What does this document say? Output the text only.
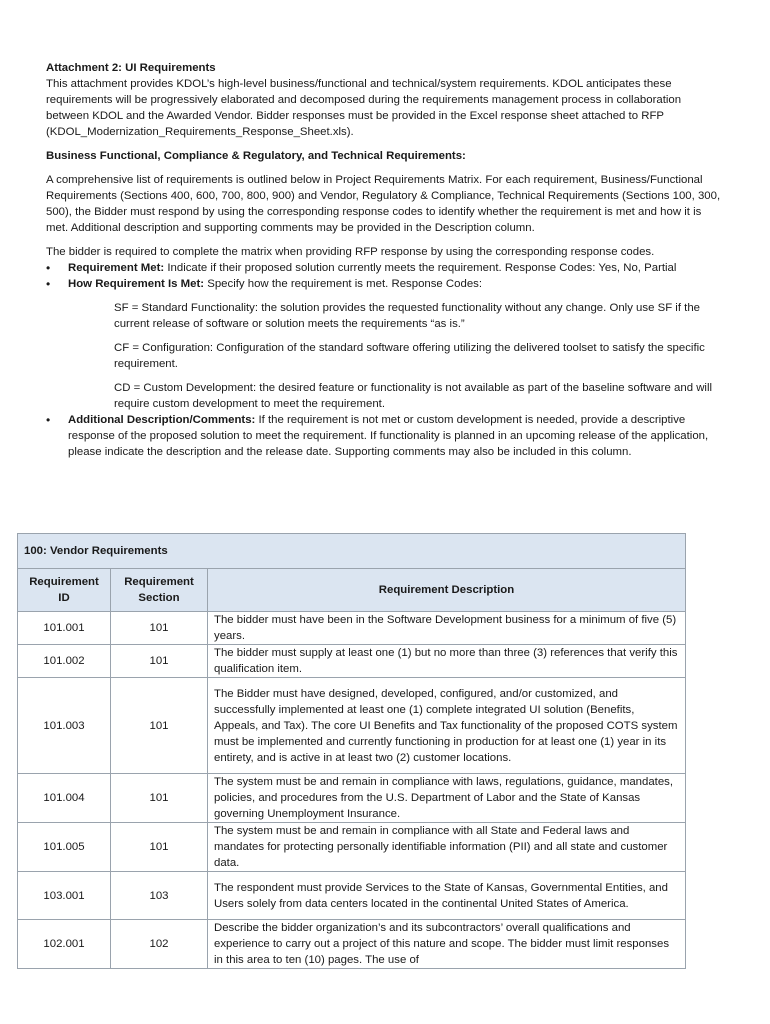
Attachment 2: UI Requirements

This attachment provides KDOL’s high-level business/functional and technical/system requirements. KDOL anticipates these requirements will be progressively elaborated and decomposed during the requirements management process in collaboration between KDOL and the Awarded Vendor. Bidder responses must be provided in the Excel response sheet attached to RFP (KDOL_Modernization_Requirements_Response_Sheet.xls).

Business Functional, Compliance & Regulatory, and Technical Requirements:

A comprehensive list of requirements is outlined below in Project Requirements Matrix. For each requirement, Business/Functional Requirements (Sections 400, 600, 700, 800, 900) and Vendor, Regulatory & Compliance, Technical Requirements (Sections 100, 300, 500), the Bidder must respond by using the corresponding response codes to identify whether the requirement is met and how it is met. Additional description and supporting comments may be provided in the Description column.

The bidder is required to complete the matrix when providing RFP response by using the corresponding response codes.

• Requirement Met: Indicate if their proposed solution currently meets the requirement. Response Codes: Yes, No, Partial
• How Requirement Is Met: Specify how the requirement is met. Response Codes:

SF = Standard Functionality: the solution provides the requested functionality without any change. Only use SF if the current release of software or solution meets the requirements “as is.”

CF = Configuration: Configuration of the standard software offering utilizing the delivered toolset to satisfy the specific requirement.

CD = Custom Development: the desired feature or functionality is not available as part of the baseline software and will require custom development to meet the requirement.

• Additional Description/Comments: If the requirement is not met or custom development is needed, provide a descriptive response of the proposed solution to meet the requirement. If functionality is planned in an upcoming release of the application, please indicate the description and the release date. Supporting comments may also be included in this column.
100: Vendor Requirements		
Requirement ID	Requirement Section	Requirement Description
101.001	101	The bidder must have been in the Software Development business for a minimum of five (5) years.
101.002	101	The bidder must supply at least one (1) but no more than three (3) references that verify this qualification item.
101.003	101	The Bidder must have designed, developed, configured, and/or customized, and successfully implemented at least one (1) complete integrated UI solution (Benefits, Appeals, and Tax). The core UI Benefits and Tax functionality of the proposed COTS system must be implemented and currently functioning in production for at least one (1) year in its entirety, and is active in at least two (2) customer locations.
101.004	101	The system must be and remain in compliance with laws, regulations, guidance, mandates, policies, and procedures from the U.S. Department of Labor and the State of Kansas governing Unemployment Insurance.
101.005	101	The system must be and remain in compliance with all State and Federal laws and mandates for protecting personally identifiable information (PII) and all state and customer data.
103.001	103	The respondent must provide Services to the State of Kansas, Governmental Entities, and Users solely from data centers located in the continental United States of America.
102.001	102	Describe the bidder organization’s and its subcontractors’ overall qualifications and experience to carry out a project of this nature and scope. The bidder must limit responses in this area to ten (10) pages. The use of
